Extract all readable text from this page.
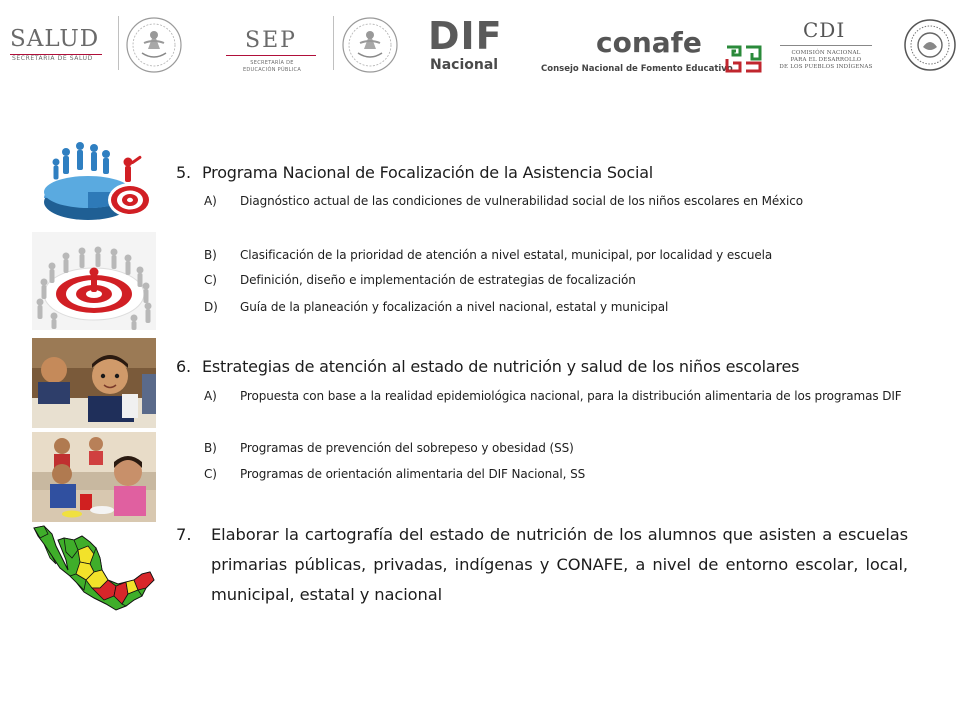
SALUD
SECRETARÍA DE SALUD
SEP
SECRETARÍA DE
EDUCACIÓN PÚBLICA
DIF
Nacional
conafe
Consejo Nacional de Fomento Educativo
CDI
COMISIÓN NACIONAL
PARA EL DESARROLLO
DE LOS PUEBLOS INDÍGENAS
5. Programa Nacional de Focalización de la Asistencia Social
A) Diagnóstico actual de las condiciones de vulnerabilidad social de los niños escolares en México
B) Clasificación de la prioridad de atención a nivel estatal, municipal, por localidad y escuela
C) Definición, diseño e implementación de estrategias de focalización
D) Guía de la planeación y focalización a nivel nacional, estatal y municipal
6. Estrategias de atención al estado de nutrición y salud de los niños escolares
A) Propuesta con base a la realidad epidemiológica nacional, para la distribución alimentaria de los programas DIF
B) Programas de prevención del sobrepeso y obesidad (SS)
C) Programas de orientación alimentaria del DIF Nacional, SS
7. Elaborar la cartografía del estado de nutrición de los alumnos que asisten a escuelas primarias públicas, privadas, indígenas y CONAFE, a nivel de entorno escolar, local, municipal, estatal y nacional
